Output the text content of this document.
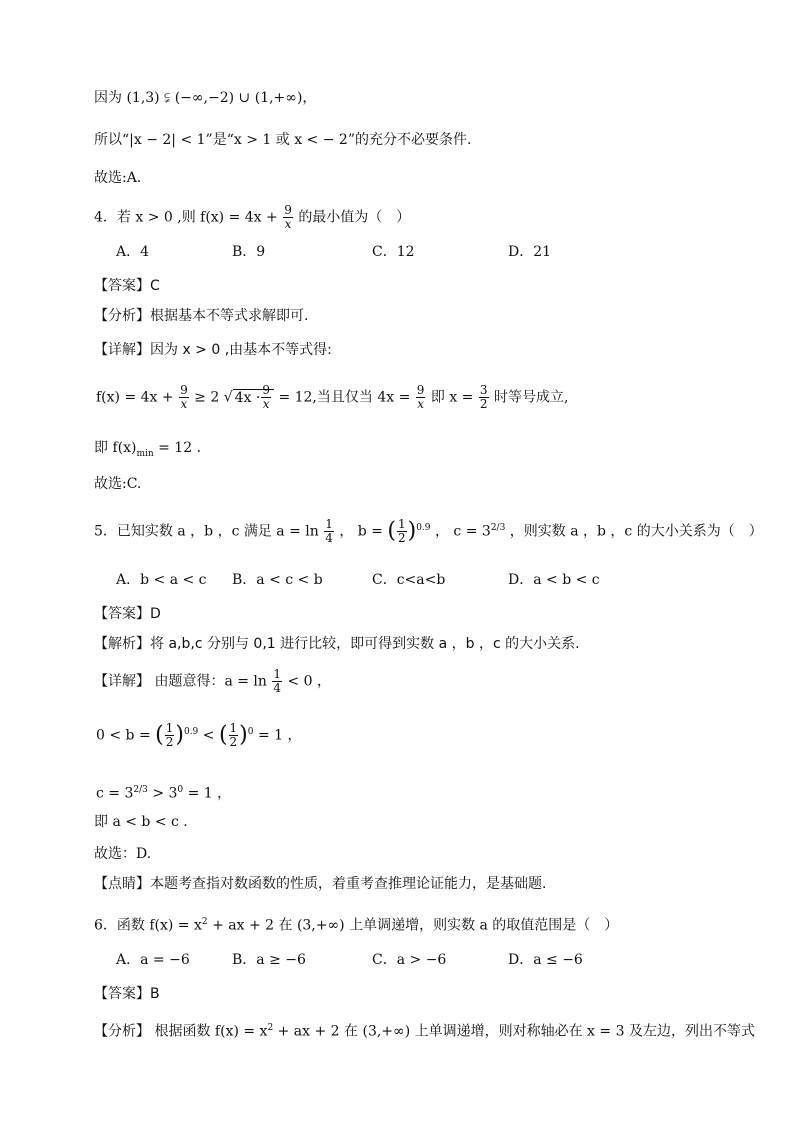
因为 (1,3) ⫋ (−∞,−2) ∪ (1,+∞)，
所以“|x − 2| < 1”是“x > 1 或 x < − 2”的充分不必要条件.
故选:A.
4．若 x > 0 ,则 $f(x) = 4x + \frac{9}{x}$ 的最小值为（　）
A．4	B．9	C．12	D．21
【答案】C
【分析】根据基本不等式求解即可.
【详解】因为 x > 0 ,由基本不等式得:
$f(x) = 4x + \frac{9}{x} \ge 2$ √ $4x \cdot \frac{9}{x} = 12$,当且仅当 $4x = \frac{9}{x}$ 即 $x = \frac{3}{2}$ 时等号成立,
即 $f(x)_{min} = 12$ .
故选:C.
5．已知实数 a ，b ，c 满足 $a = \ln \frac{1}{4}$ ， b = ( $\frac{1}{2} )^{0.9}$ ， $c = 3^{2/3}$ ，则实数 a ，b ，c 的大小关系为（　）
A．b < a < c B．a < c < b	C．c<a<b	D．a < b < c
【答案】D
【解析】将 a,b,c 分别与 0,1 进行比较，即可得到实数 a ，b ，c 的大小关系.
【详解】 由题意得：$a = \ln \frac{1}{4} < 0$ ，
0 < b = ( $\frac{1}{2} )^{0.9}$ < ( $\frac{1}{2} )^0 = 1$ ，
$c = 3^{2/3} > 3^0 = 1$ ，
即 a < b < c .
故选：D.
【点睛】本题考查指对数函数的性质，着重考查推理论证能力，是基础题.
6．函数 $f(x) = x^2$ + ax + 2 在 (3,+∞) 上单调递增，则实数 a 的取值范围是（　）
A．a = −6	B．a ≥ −6	C．a > −6	D．a ≤ −6
【答案】B
【分析】 根据函数 $f(x) = x^2$ + ax + 2 在 (3,+∞) 上单调递增，则对称轴必在 x = 3 及左边，列出不等式
